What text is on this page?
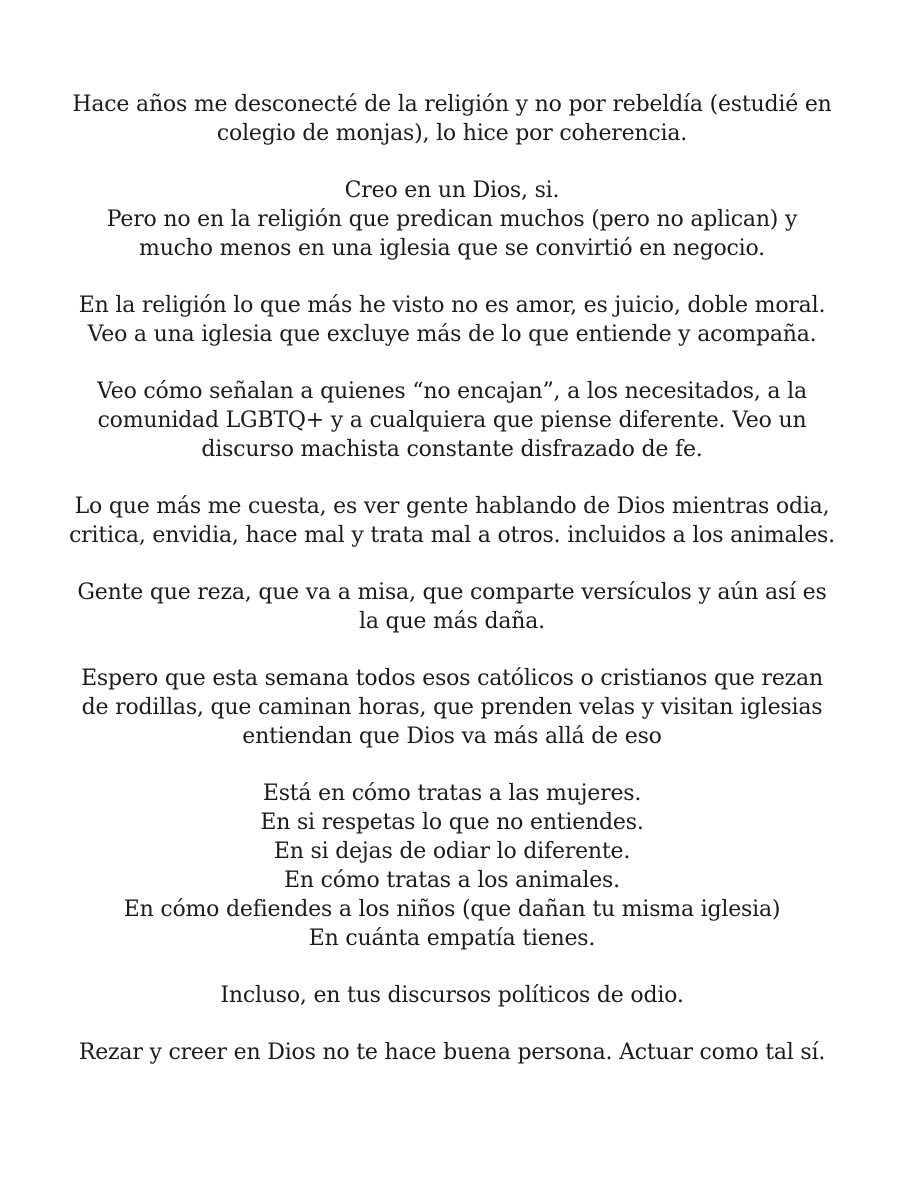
Hace años me desconecté de la religión y no por rebeldía (estudié en
colegio de monjas), lo hice por coherencia.

Creo en un Dios, si.
Pero no en la religión que predican muchos (pero no aplican) y
mucho menos en una iglesia que se convirtió en negocio.

En la religión lo que más he visto no es amor, es juicio, doble moral.
Veo a una iglesia que excluye más de lo que entiende y acompaña.

Veo cómo señalan a quienes “no encajan”, a los necesitados, a la
comunidad LGBTQ+ y a cualquiera que piense diferente. Veo un
discurso machista constante disfrazado de fe.

Lo que más me cuesta, es ver gente hablando de Dios mientras odia,
critica, envidia, hace mal y trata mal a otros. incluidos a los animales.

Gente que reza, que va a misa, que comparte versículos y aún así es
la que más daña.

Espero que esta semana todos esos católicos o cristianos que rezan
de rodillas, que caminan horas, que prenden velas y visitan iglesias
entiendan que Dios va más allá de eso

Está en cómo tratas a las mujeres.
En si respetas lo que no entiendes.
En si dejas de odiar lo diferente.
En cómo tratas a los animales.
En cómo defiendes a los niños (que dañan tu misma iglesia)
En cuánta empatía tienes.

Incluso, en tus discursos políticos de odio.

Rezar y creer en Dios no te hace buena persona. Actuar como tal sí.
